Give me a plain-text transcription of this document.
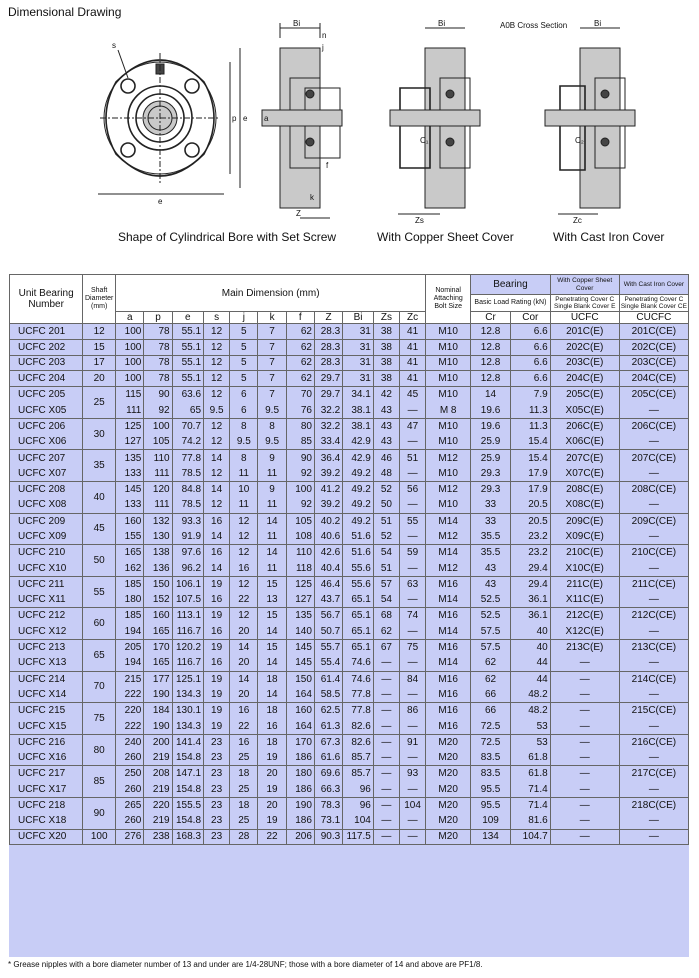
Dimensional Drawing
A0B Cross Section
s
p e
e
Bi
n
j
k
f
Z
a
Bi
C₁
Zs
Bi
C₂
Zc
Shape of Cylindrical Bore with Set Screw	With Copper Sheet Cover	With Cast Iron Cover
Unit Bearing Number	Shaft Diameter (mm)	Main Dimension (mm)											Nominal Attaching Bolt Size	Bearing		With Copper Sheet Cover	With Cast Iron Cover
														Basic Load Rating (kN)		Penetrating Cover C Single Blank Cover E	Penetrating Cover C Single Blank Cover CE
		a	p	e	s	j	k	f	Z	Bi	Zs	Zc		Cr	Cor	UCFC	CUCFC
UCFC 201	12	100	78	55.1	12	5	7	62	28.3	31	38	41	M10	12.8	6.6	201C(E)	201C(CE)
UCFC 202	15	100	78	55.1	12	5	7	62	28.3	31	38	41	M10	12.8	6.6	202C(E)	202C(CE)
UCFC 203	17	100	78	55.1	12	5	7	62	28.3	31	38	41	M10	12.8	6.6	203C(E)	203C(CE)
UCFC 204	20	100	78	55.1	12	5	7	62	29.7	31	38	41	M10	12.8	6.6	204C(E)	204C(CE)
UCFC 205	25	115	90	63.6	12	6	7	70	29.7	34.1	42	45	M10	14	7.9	205C(E)	205C(CE)
UCFC X05		111	92	65	9.5	6	9.5	76	32.2	38.1	43	—	M 8	19.6	11.3	X05C(E)	—
UCFC 206	30	125	100	70.7	12	8	8	80	32.2	38.1	43	47	M10	19.6	11.3	206C(E)	206C(CE)
UCFC X06		127	105	74.2	12	9.5	9.5	85	33.4	42.9	43	—	M10	25.9	15.4	X06C(E)	—
UCFC 207	35	135	110	77.8	14	8	9	90	36.4	42.9	46	51	M12	25.9	15.4	207C(E)	207C(CE)
UCFC X07		133	111	78.5	12	11	11	92	39.2	49.2	48	—	M10	29.3	17.9	X07C(E)	—
UCFC 208	40	145	120	84.8	14	10	9	100	41.2	49.2	52	56	M12	29.3	17.9	208C(E)	208C(CE)
UCFC X08		133	111	78.5	12	11	11	92	39.2	49.2	50	—	M10	33	20.5	X08C(E)	—
UCFC 209	45	160	132	93.3	16	12	14	105	40.2	49.2	51	55	M14	33	20.5	209C(E)	209C(CE)
UCFC X09		155	130	91.9	14	12	11	108	40.6	51.6	52	—	M12	35.5	23.2	X09C(E)	—
UCFC 210	50	165	138	97.6	16	12	14	110	42.6	51.6	54	59	M14	35.5	23.2	210C(E)	210C(CE)
UCFC X10		162	136	96.2	14	16	11	118	40.4	55.6	51	—	M12	43	29.4	X10C(E)	—
UCFC 211	55	185	150	106.1	19	12	15	125	46.4	55.6	57	63	M16	43	29.4	211C(E)	211C(CE)
UCFC X11		180	152	107.5	16	22	13	127	43.7	65.1	54	—	M14	52.5	36.1	X11C(E)	—
UCFC 212	60	185	160	113.1	19	12	15	135	56.7	65.1	68	74	M16	52.5	36.1	212C(E)	212C(CE)
UCFC X12		194	165	116.7	16	20	14	140	50.7	65.1	62	—	M14	57.5	40	X12C(E)	—
UCFC 213	65	205	170	120.2	19	14	15	145	55.7	65.1	67	75	M16	57.5	40	213C(E)	213C(CE)
UCFC X13		194	165	116.7	16	20	14	145	55.4	74.6	—	—	M14	62	44	—	—
UCFC 214	70	215	177	125.1	19	14	18	150	61.4	74.6	—	84	M16	62	44	—	214C(CE)
UCFC X14		222	190	134.3	19	20	14	164	58.5	77.8	—	—	M16	66	48.2	—	—
UCFC 215	75	220	184	130.1	19	16	18	160	62.5	77.8	—	86	M16	66	48.2	—	215C(CE)
UCFC X15		222	190	134.3	19	22	16	164	61.3	82.6	—	—	M16	72.5	53	—	—
UCFC 216	80	240	200	141.4	23	16	18	170	67.3	82.6	—	91	M20	72.5	53	—	216C(CE)
UCFC X16		260	219	154.8	23	25	19	186	61.6	85.7	—	—	M20	83.5	61.8	—	—
UCFC 217	85	250	208	147.1	23	18	20	180	69.6	85.7	—	93	M20	83.5	61.8	—	217C(CE)
UCFC X17		260	219	154.8	23	25	19	186	66.3	96	—	—	M20	95.5	71.4	—	—
UCFC 218	90	265	220	155.5	23	18	20	190	78.3	96	—	104	M20	95.5	71.4	—	218C(CE)
UCFC X18		260	219	154.8	23	25	19	186	73.1	104	—	—	M20	109	81.6	—	—
UCFC X20	100	276	238	168.3	23	28	22	206	90.3	117.5	—	—	M20	134	104.7	—	—
* Grease nipples with a bore diameter number of 13 and under are 1/4-28UNF; those with a bore diameter of 14 and above are PF1/8.
